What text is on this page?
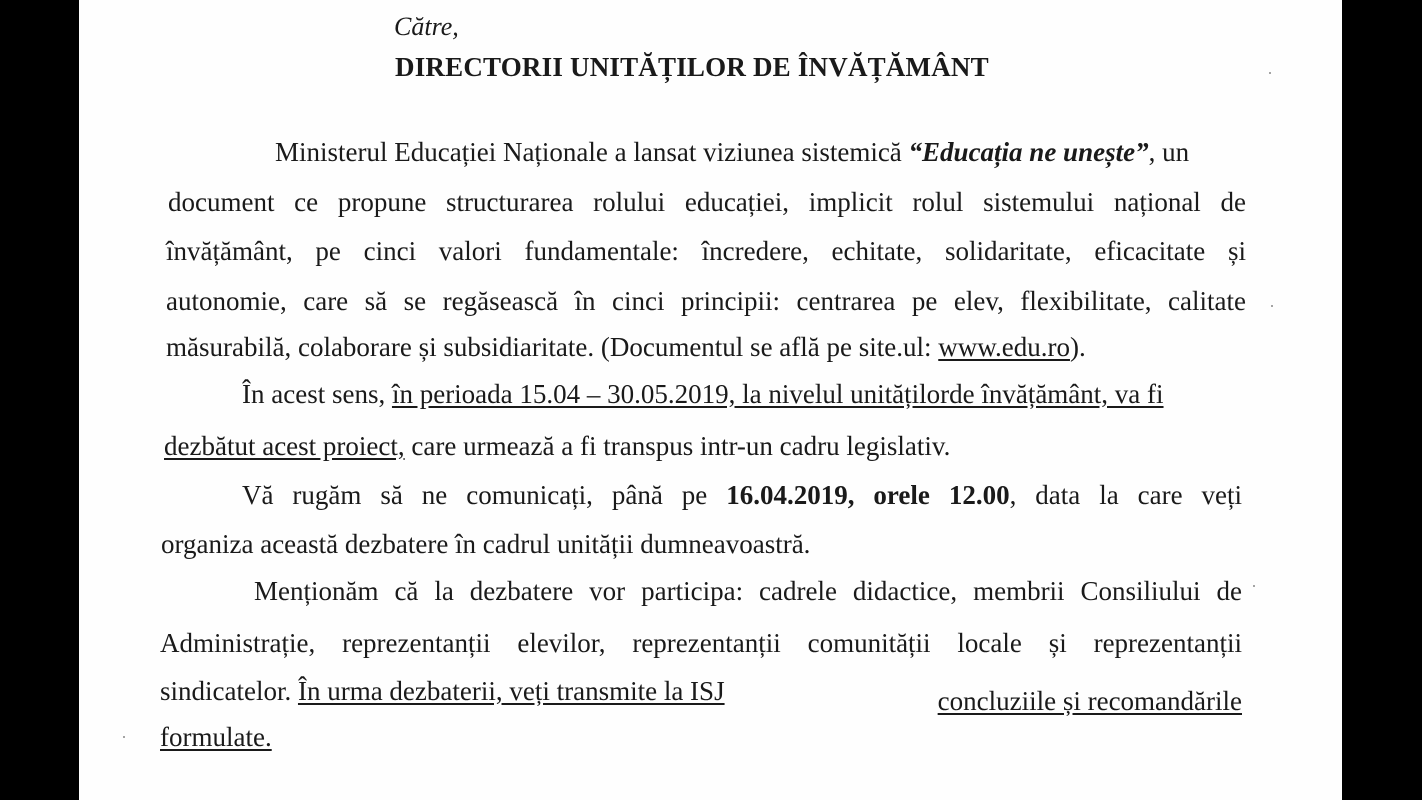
Către,
DIRECTORII UNITĂȚILOR DE ÎNVĂȚĂMÂNT
Ministerul Educației Naționale a lansat viziunea sistemică “Educația ne unește”, un
document ce propune structurarea rolului educației, implicit rolul sistemului național de
învățământ, pe cinci valori fundamentale: încredere, echitate, solidaritate, eficacitate și
autonomie, care să se regăsească în cinci principii: centrarea pe elev, flexibilitate, calitate
măsurabilă, colaborare și subsidiaritate. (Documentul se află pe site.ul: www.edu.ro).
În acest sens, în perioada 15.04 – 30.05.2019, la nivelul unitățilorde învățământ, va fi
dezbătut acest proiect, care urmează a fi transpus intr-un cadru legislativ.
Vă rugăm să ne comunicați, până pe 16.04.2019, orele 12.00, data la care veți
organiza această dezbatere în cadrul unității dumneavoastră.
Menționăm că la dezbatere vor participa: cadrele didactice, membrii Consiliului de
Administrație, reprezentanții elevilor, reprezentanții comunității locale și reprezentanții
sindicatelor. În urma dezbaterii, veți transmite la ISJ	concluziile și recomandările
formulate.
